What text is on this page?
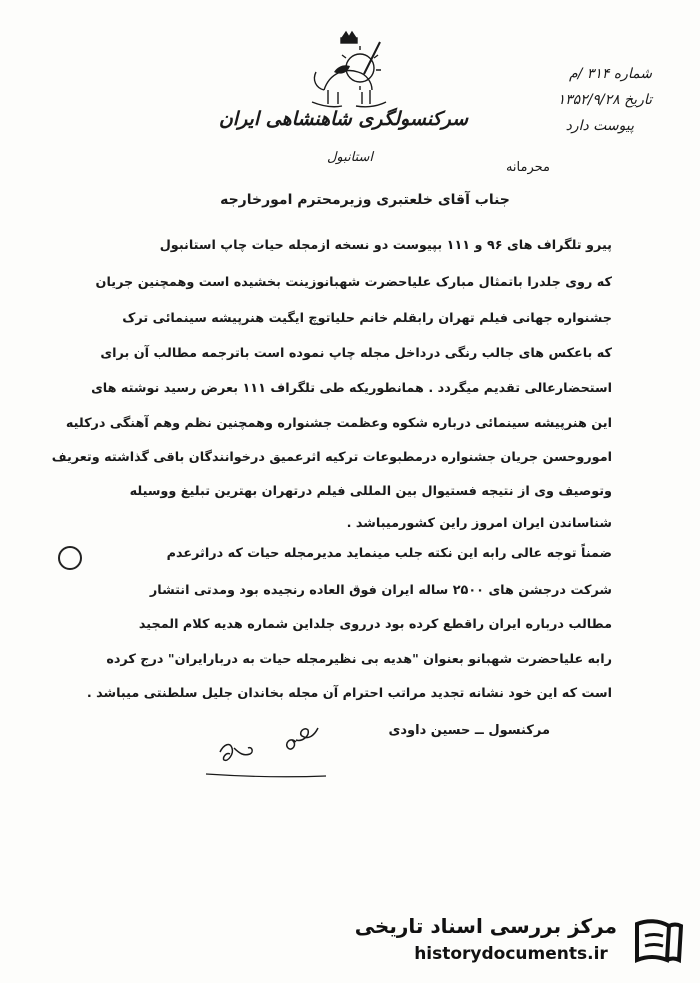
سرکنسولگری شاهنشاهی ایران
استانبول
شماره ۳۱۴ /م
تاریخ ۱۳۵۲/۹/۲۸
پیوست دارد
محرمانه
جناب آقای خلعتبری وزیرمحترم امورخارجه
پیرو تلگراف های ۹۶ و ۱۱۱ بپیوست دو نسخه ازمجله حیات چاپ استانبول
که روی جلدرا باتمثال مبارک علیاحضرت شهبانوزینت بخشیده است وهمچنین جریان
جشنواره جهانی فیلم تهران رابقلم خانم حلیاتوچ ایگیت هنرپیشه سینمائی ترک
که باعکس های جالب رنگی درداخل مجله چاپ نموده است باترجمه مطالب آن برای
استحضارعالی تقدیم میگردد . همانطوریکه طی تلگراف ۱۱۱ بعرض رسید نوشته های
این هنرپیشه سینمائی درباره شکوه وعظمت جشنواره وهمچنین نظم وهم آهنگی درکلیه
اموروحسن جریان جشنواره درمطبوعات ترکیه اثرعمیق درخوانندگان باقی گذاشته وتعریف
وتوصیف وی از نتیجه فستیوال بین المللی فیلم درتهران بهترین تبلیغ ووسیله
شناساندن ایران امروز راین کشورمیباشد .
ضمناً توجه عالی رابه این نکته جلب مینماید مدیرمجله حیات که دراثرعدم
شرکت درجشن های ۲۵۰۰ ساله ایران فوق العاده رنجیده بود ومدتی انتشار
مطالب درباره ایران راقطع کرده بود درروی جلداین شماره هدیه کلام المجید
رابه علیاحضرت شهبانو بعنوان "هدیه بی نظیرمجله حیات به دربارایران" درج کرده
است که این خود نشانه تجدید مراتب احترام آن مجله بخاندان جلیل سلطنتی میباشد .
مرکنسول ــ حسین داودی
مرکز بررسی اسناد تاریخی
historydocuments.ir
